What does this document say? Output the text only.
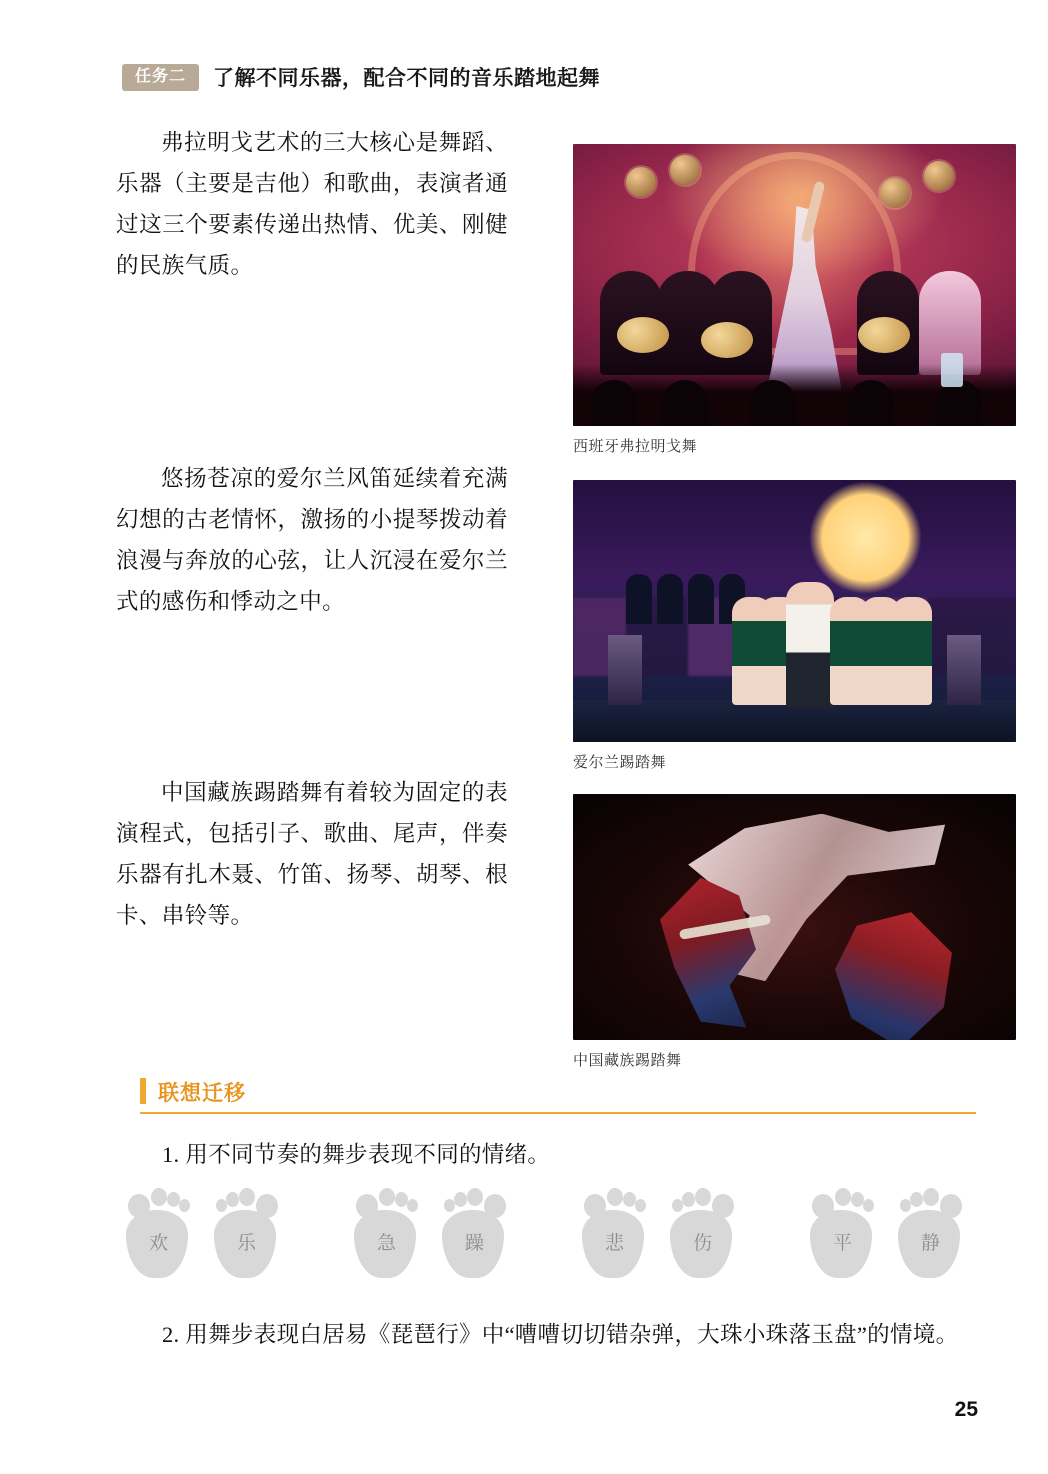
任务二	了解不同乐器，配合不同的音乐踏地起舞
弗拉明戈艺术的三大核心是舞蹈、乐器（主要是吉他）和歌曲，表演者通过这三个要素传递出热情、优美、刚健的民族气质。
悠扬苍凉的爱尔兰风笛延续着充满幻想的古老情怀，激扬的小提琴拨动着浪漫与奔放的心弦，让人沉浸在爱尔兰式的感伤和悸动之中。
中国藏族踢踏舞有着较为固定的表演程式，包括引子、歌曲、尾声，伴奏乐器有扎木聂、竹笛、扬琴、胡琴、根卡、串铃等。
西班牙弗拉明戈舞
爱尔兰踢踏舞
中国藏族踢踏舞
联想迁移
1. 用不同节奏的舞步表现不同的情绪。
欢	乐	急	躁	悲	伤	平	静
2. 用舞步表现白居易《琵琶行》中“嘈嘈切切错杂弹，大珠小珠落玉盘”的情境。
25
